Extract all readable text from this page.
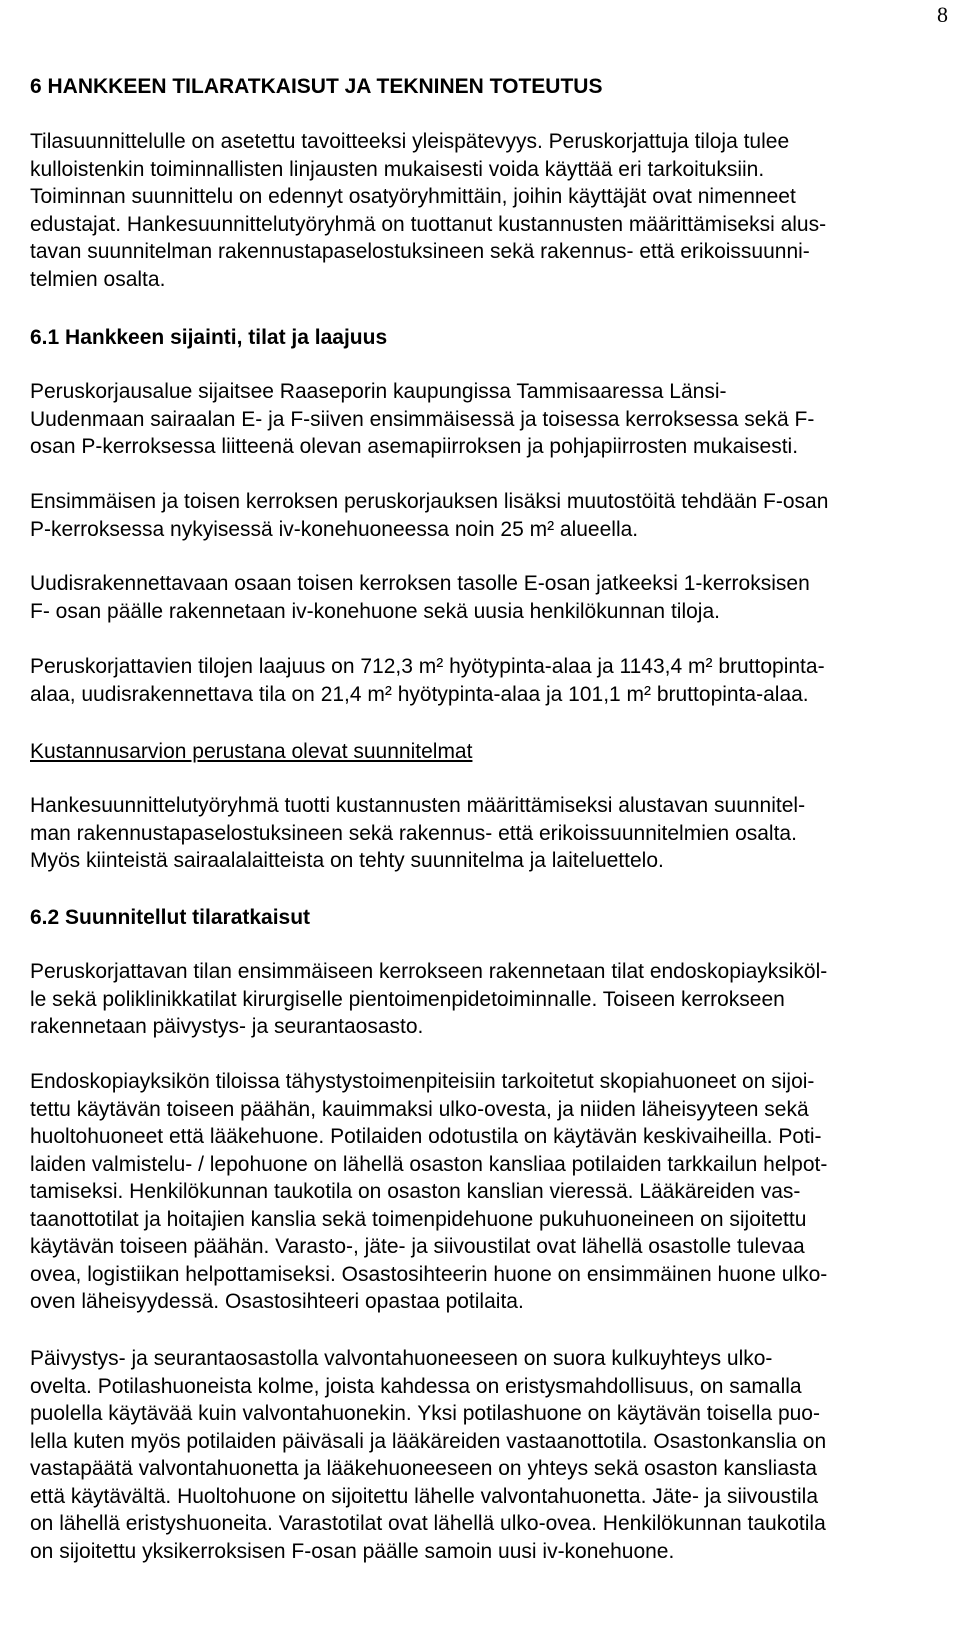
8
6 HANKKEEN TILARATKAISUT JA TEKNINEN TOTEUTUS
Tilasuunnittelulle on asetettu tavoitteeksi yleispätevyys. Peruskorjattuja tiloja tulee
kulloistenkin toiminnallisten linjausten mukaisesti voida käyttää eri tarkoituksiin.
Toiminnan suunnittelu on edennyt osatyöryhmittäin, joihin käyttäjät ovat nimenneet
edustajat. Hankesuunnittelutyöryhmä on tuottanut kustannusten määrittämiseksi alus-
tavan suunnitelman rakennustapaselostuksineen sekä rakennus- että erikoissuunni-
telmien osalta.
6.1 Hankkeen sijainti, tilat ja laajuus
Peruskorjausalue sijaitsee Raaseporin kaupungissa Tammisaaressa Länsi-
Uudenmaan sairaalan E- ja F-siiven ensimmäisessä ja toisessa kerroksessa sekä F-
osan P-kerroksessa liitteenä olevan asemapiirroksen ja pohjapiirrosten mukaisesti.
Ensimmäisen ja toisen kerroksen peruskorjauksen lisäksi muutostöitä tehdään F-osan
P-kerroksessa nykyisessä iv-konehuoneessa noin 25 m² alueella.
Uudisrakennettavaan osaan toisen kerroksen tasolle E-osan jatkeeksi 1-kerroksisen
F- osan päälle rakennetaan iv-konehuone sekä uusia henkilökunnan tiloja.
Peruskorjattavien tilojen laajuus on 712,3 m² hyötypinta-alaa ja 1143,4 m² bruttopinta-
alaa, uudisrakennettava tila on 21,4 m² hyötypinta-alaa ja 101,1 m² bruttopinta-alaa.
Kustannusarvion perustana olevat suunnitelmat
Hankesuunnittelutyöryhmä tuotti kustannusten määrittämiseksi alustavan suunnitel-
man rakennustapaselostuksineen sekä rakennus- että erikoissuunnitelmien osalta.
Myös kiinteistä sairaalalaitteista on tehty suunnitelma ja laiteluettelo.
6.2 Suunnitellut tilaratkaisut
Peruskorjattavan tilan ensimmäiseen kerrokseen rakennetaan tilat endoskopiayksiköl-
le sekä poliklinikkatilat kirurgiselle pientoimenpidetoiminnalle. Toiseen kerrokseen
rakennetaan päivystys- ja seurantaosasto.
Endoskopiayksikön tiloissa tähystystoimenpiteisiin tarkoitetut skopiahuoneet on sijoi-
tettu käytävän toiseen päähän, kauimmaksi ulko-ovesta, ja niiden läheisyyteen sekä
huoltohuoneet että lääkehuone. Potilaiden odotustila on käytävän keskivaiheilla. Poti-
laiden valmistelu- / lepohuone on lähellä osaston kansliaa potilaiden tarkkailun helpot-
tamiseksi. Henkilökunnan taukotila on osaston kanslian vieressä. Lääkäreiden vas-
taanottotilat ja hoitajien kanslia sekä toimenpidehuone pukuhuoneineen on sijoitettu
käytävän toiseen päähän. Varasto-, jäte- ja siivoustilat ovat lähellä osastolle tulevaa
ovea, logistiikan helpottamiseksi. Osastosihteerin huone on ensimmäinen huone ulko-
oven läheisyydessä. Osastosihteeri opastaa potilaita.
Päivystys- ja seurantaosastolla valvontahuoneeseen on suora kulkuyhteys ulko-
ovelta. Potilashuoneista kolme, joista kahdessa on eristysmahdollisuus, on samalla
puolella käytävää kuin valvontahuonekin. Yksi potilashuone on käytävän toisella puo-
lella kuten myös potilaiden päiväsali ja lääkäreiden vastaanottotila. Osastonkanslia on
vastapäätä valvontahuonetta ja lääkehuoneeseen on yhteys sekä osaston kansliasta
että käytävältä. Huoltohuone on sijoitettu lähelle valvontahuonetta. Jäte- ja siivoustila
on lähellä eristyshuoneita. Varastotilat ovat lähellä ulko-ovea. Henkilökunnan taukotila
on sijoitettu yksikerroksisen F-osan päälle samoin uusi iv-konehuone.
